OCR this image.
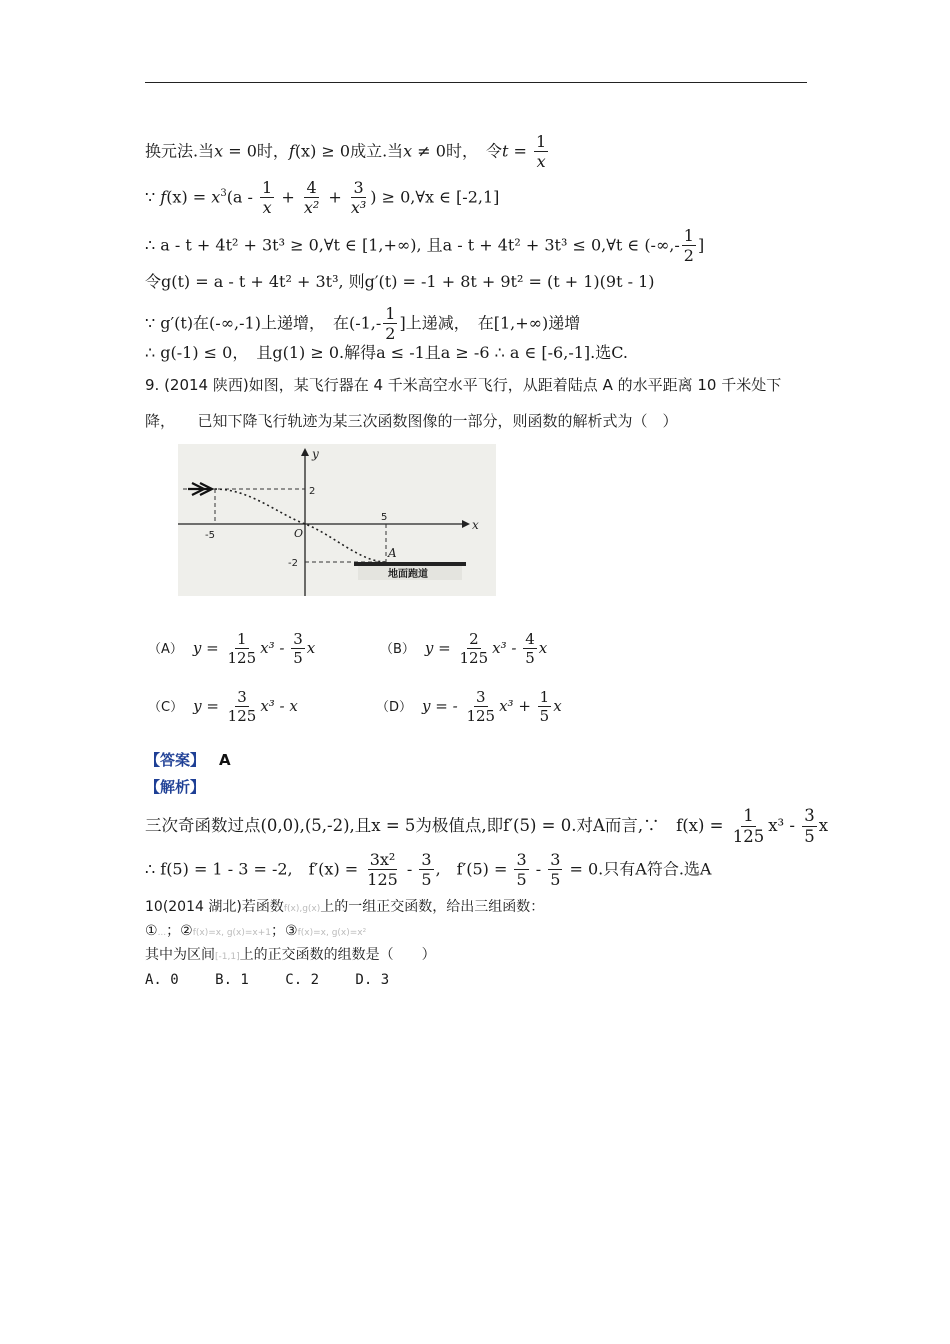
换元法.当x = 0时，f(x) ≥ 0成立.当x ≠ 0时，　令$t = \frac{1}{x}$
∵ $f(x) = x^3(a - \frac{1}{x} + \frac{4}{\text{x²}} + \frac{3}{\text{x³}}$ ) ≥ 0,∀x ∈ [-2,1]
∴ a - t + 4t² + 3t³ ≥ 0,∀t ∈ [1,+∞), 且a - t + 4t² + 3t³ ≤ 0,∀t ∈ (-∞,- $\frac{1}{2}$ ]
令g(t) = a - t + 4t² + 3t³, 则g′(t) = -1 + 8t + 9t² = (t + 1)(9t - 1)
∵ g′(t)在(-∞,-1)上递增，　在($-1,- \frac{1}{2}$ ]上递减，　在[1,+∞)递增
∴ g(-1) ≤ 0，　且g(1) ≥ 0.解得a ≤ -1且a ≥ -6 ∴ a ∈ [-6,-1].选C.
9. (2014 陕西)如图，某飞行器在 4 千米高空水平飞行，从距着陆点 A 的水平距离 10 千米处下
降，　　已知下降飞行轨迹为某三次函数图像的一部分，则函数的解析式为（　）
y
x
O
-5
5
2
-2
A
地面跑道
（A） $y = \frac{1}{125} x^3 - \frac{3}{5}$ x	（B） $y = \frac{2}{125} x^3 - \frac{4}{5}$ x
（C） $y = \frac{3}{125} x^3 - x$	（D） y = - $\frac{3}{125} x^3 + \frac{1}{5}$ x
【答案】 A
【解析】
三次奇函数过点(0,0),(5,-2),且x = 5为极值点,即f′(5) = 0.对A而言,∵　$f(x) = \frac{1}{125} x^3 - \frac{3}{5}$ x
∴ f(5) = 1 - 3 = -2,　$f'(x) = \frac{\text{3x²}}{125} - \frac{3}{5}$ ,　$f'(5) = \frac{3}{5} - \frac{3}{5} = 0$.只有A符合.选A
10(2014 湖北)若函数f(x),g(x)上的一组正交函数，给出三组函数：
①...；②f(x)=x, g(x)=x+1；③f(x)=x, g(x)=x²
其中为区间[-1,1]上的正交函数的组数是（　　）
A. 0　　 B. 1　　 C. 2　　 D. 3
